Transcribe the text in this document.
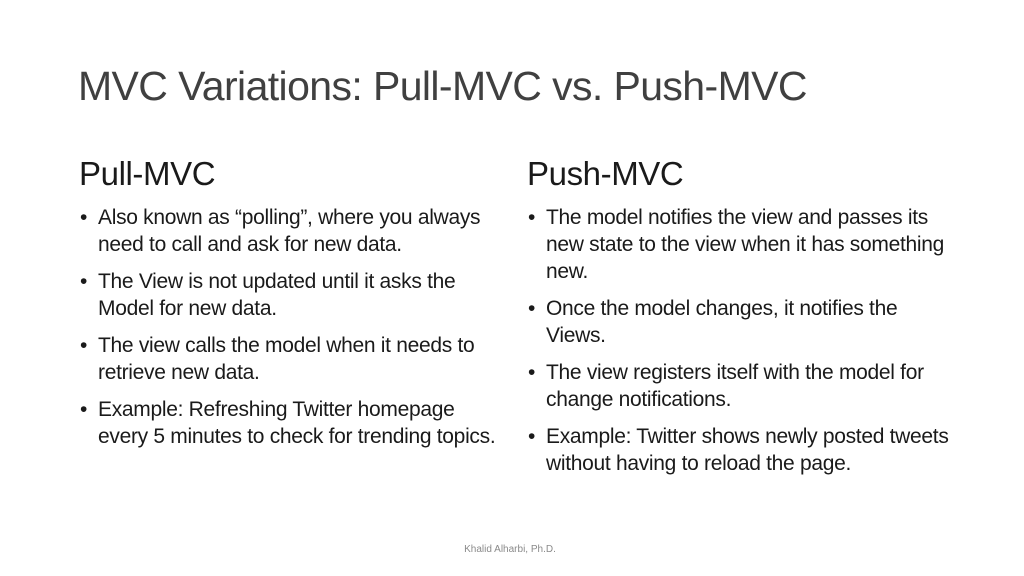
MVC Variations: Pull-MVC vs. Push-MVC
Pull-MVC
• Also known as “polling”, where you always need to call and ask for new data.
• The View is not updated until it asks the Model for new data.
• The view calls the model when it needs to retrieve new data.
• Example: Refreshing Twitter homepage every 5 minutes to check for trending topics.
Push-MVC
• The model notifies the view and passes its new state to the view when it has something new.
• Once the model changes, it notifies the Views.
• The view registers itself with the model for change notifications.
• Example: Twitter shows newly posted tweets without having to reload the page.
Khalid Alharbi, Ph.D.
